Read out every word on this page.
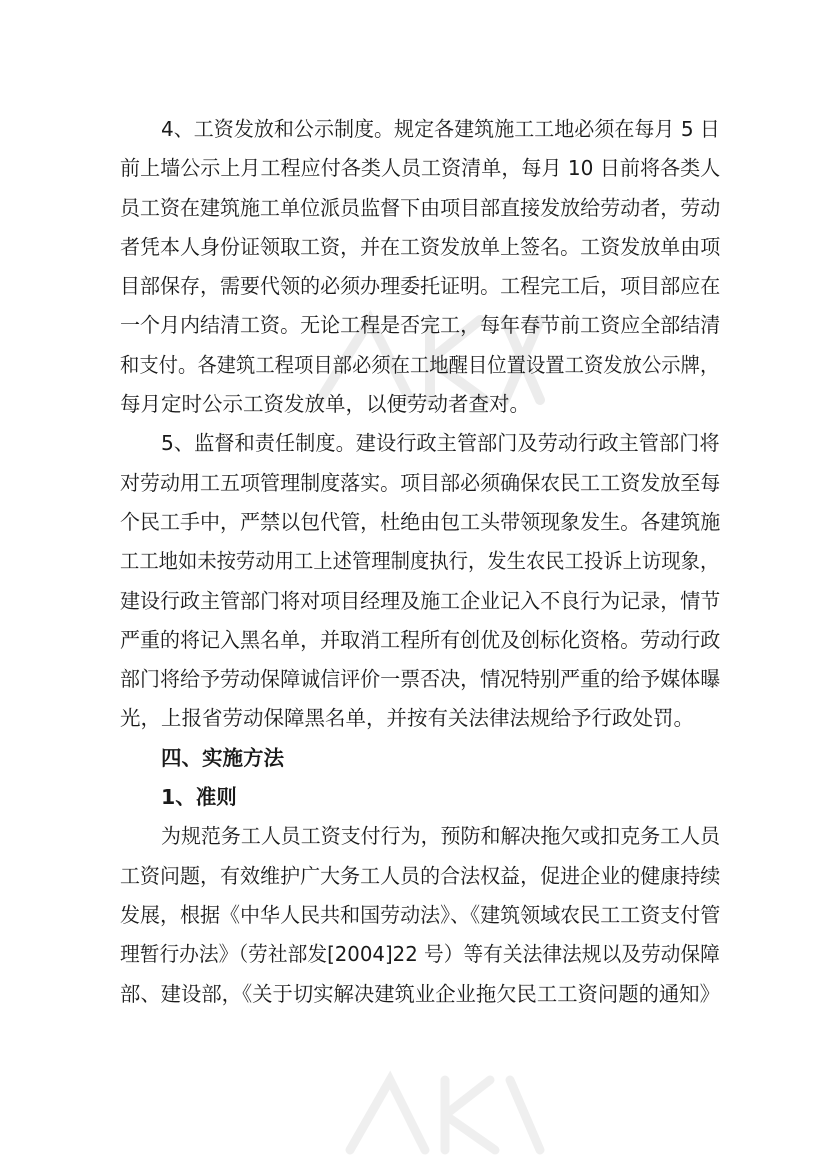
4、工资发放和公示制度。规定各建筑施工工地必须在每月 5 日
前上墙公示上月工程应付各类人员工资清单，每月 10 日前将各类人
员工资在建筑施工单位派员监督下由项目部直接发放给劳动者，劳动
者凭本人身份证领取工资，并在工资发放单上签名。工资发放单由项
目部保存，需要代领的必须办理委托证明。工程完工后，项目部应在
一个月内结清工资。无论工程是否完工，每年春节前工资应全部结清
和支付。各建筑工程项目部必须在工地醒目位置设置工资发放公示牌，
每月定时公示工资发放单，以便劳动者查对。

5、监督和责任制度。建设行政主管部门及劳动行政主管部门将
对劳动用工五项管理制度落实。项目部必须确保农民工工资发放至每
个民工手中，严禁以包代管，杜绝由包工头带领现象发生。各建筑施
工工地如未按劳动用工上述管理制度执行，发生农民工投诉上访现象，
建设行政主管部门将对项目经理及施工企业记入不良行为记录，情节
严重的将记入黑名单，并取消工程所有创优及创标化资格。劳动行政
部门将给予劳动保障诚信评价一票否决，情况特别严重的给予媒体曝
光，上报省劳动保障黑名单，并按有关法律法规给予行政处罚。

四、实施方法
1、准则

为规范务工人员工资支付行为，预防和解决拖欠或扣克务工人员
工资问题，有效维护广大务工人员的合法权益，促进企业的健康持续
发展，根据《中华人民共和国劳动法》、《建筑领域农民工工资支付管
理暂行办法》（劳社部发[2004]22 号）等有关法律法规以及劳动保障
部、建设部，《关于切实解决建筑业企业拖欠民工工资问题的通知》
